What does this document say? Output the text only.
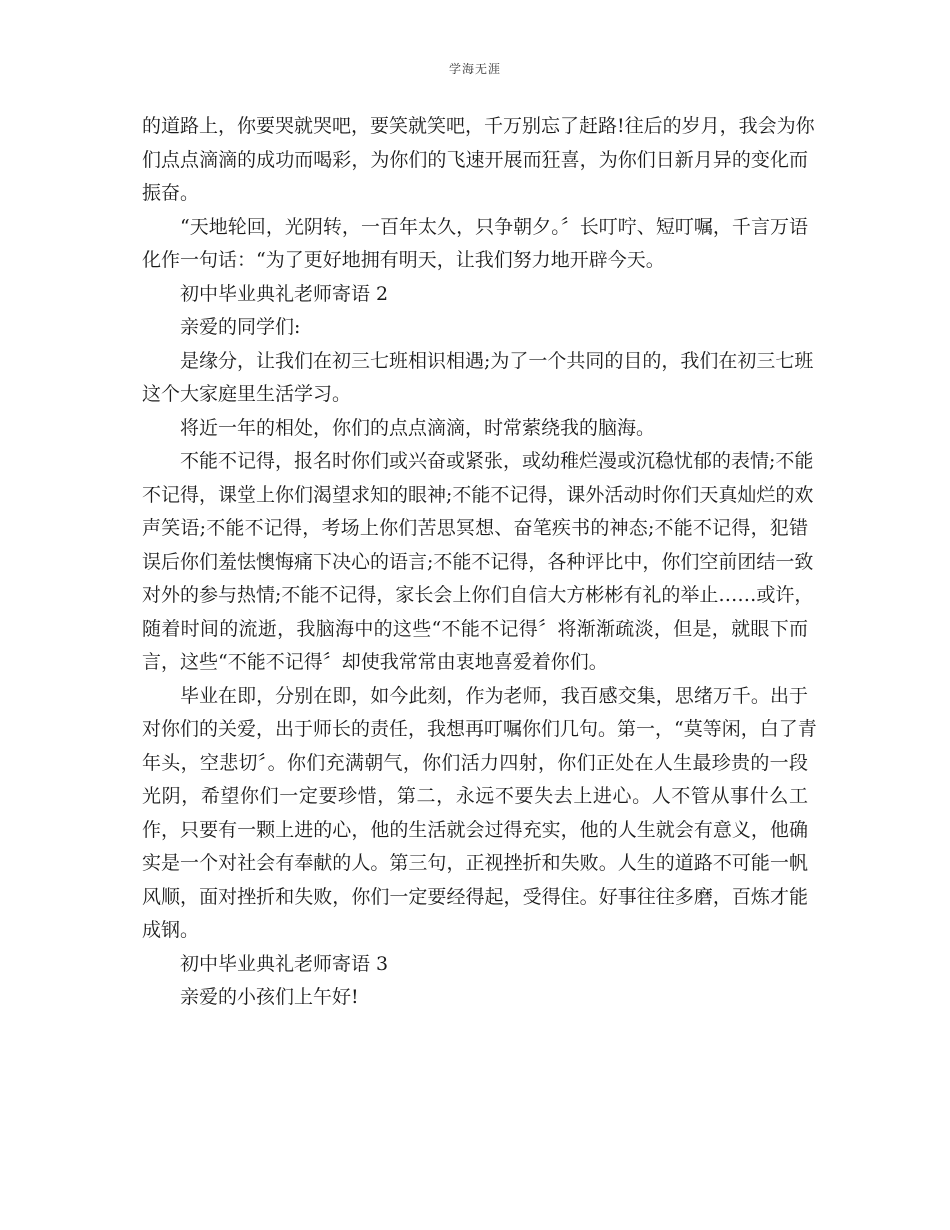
学海无涯
的道路上，你要哭就哭吧，要笑就笑吧，千万别忘了赶路!往后的岁月，我会为你
们点点滴滴的成功而喝彩，为你们的飞速开展而狂喜，为你们日新月异的变化而
振奋。
“天地轮回，光阴转，一百年太久，只争朝夕。〞长叮咛、短叮嘱，千言万语
化作一句话：“为了更好地拥有明天，让我们努力地开辟今天。
初中毕业典礼老师寄语 2
亲爱的同学们:
是缘分，让我们在初三七班相识相遇;为了一个共同的目的，我们在初三七班
这个大家庭里生活学习。
将近一年的相处，你们的点点滴滴，时常萦绕我的脑海。
不能不记得，报名时你们或兴奋或紧张，或幼稚烂漫或沉稳忧郁的表情;不能
不记得，课堂上你们渴望求知的眼神;不能不记得，课外活动时你们天真灿烂的欢
声笑语;不能不记得，考场上你们苦思冥想、奋笔疾书的神态;不能不记得，犯错
误后你们羞怯懊悔痛下决心的语言;不能不记得，各种评比中，你们空前团结一致
对外的参与热情;不能不记得，家长会上你们自信大方彬彬有礼的举止……或许，
随着时间的流逝，我脑海中的这些“不能不记得〞将渐渐疏淡，但是，就眼下而
言，这些“不能不记得〞却使我常常由衷地喜爱着你们。
毕业在即，分别在即，如今此刻，作为老师，我百感交集，思绪万千。出于
对你们的关爱，出于师长的责任，我想再叮嘱你们几句。第一，“莫等闲，白了青
年头，空悲切〞。你们充满朝气，你们活力四射，你们正处在人生最珍贵的一段
光阴，希望你们一定要珍惜，第二，永远不要失去上进心。人不管从事什么工
作，只要有一颗上进的心，他的生活就会过得充实，他的人生就会有意义，他确
实是一个对社会有奉献的人。第三句，正视挫折和失败。人生的道路不可能一帆
风顺，面对挫折和失败，你们一定要经得起，受得住。好事往往多磨，百炼才能
成钢。
初中毕业典礼老师寄语 3
亲爱的小孩们上午好!
